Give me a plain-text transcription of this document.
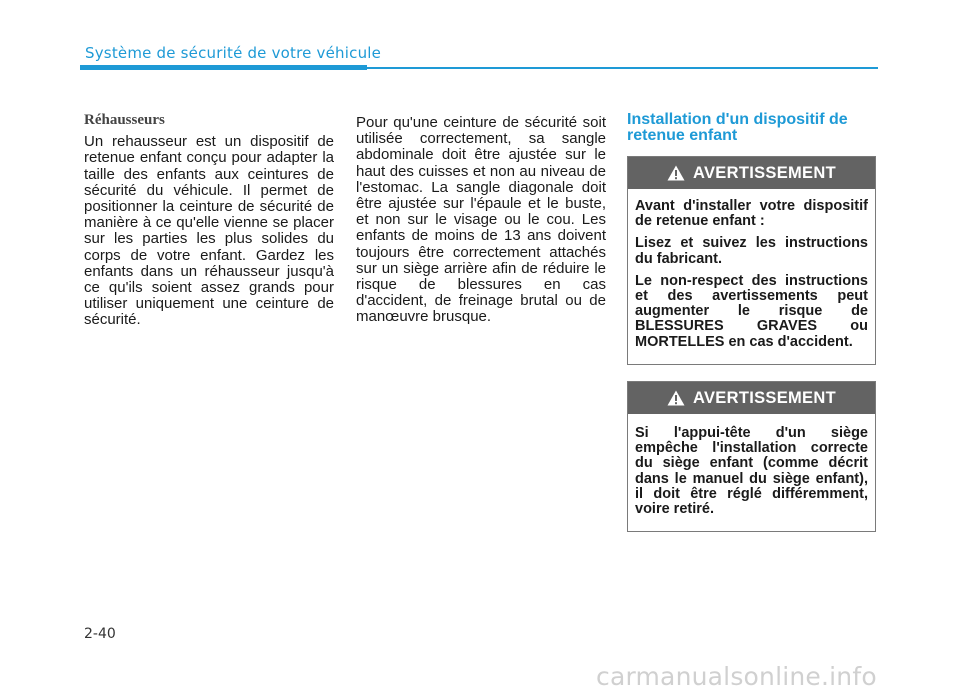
Système de sécurité de votre véhicule

Réhausseurs

Un rehausseur est un dispositif de retenue enfant conçu pour adapter la taille des enfants aux ceintures de sécurité du véhicule. Il permet de positionner la ceinture de sécurité de manière à ce qu'elle vienne se placer sur les parties les plus solides du corps de votre enfant. Gardez les enfants dans un réhausseur jusqu'à ce qu'ils soient assez grands pour utiliser uniquement une ceinture de sécurité.

Pour qu'une ceinture de sécurité soit utilisée correctement, sa sangle abdominale doit être ajustée sur le haut des cuisses et non au niveau de l'estomac. La sangle diagonale doit être ajustée sur l'épaule et le buste, et non sur le visage ou le cou. Les enfants de moins de 13 ans doivent toujours être correctement attachés sur un siège arrière afin de réduire le risque de blessures en cas d'accident, de freinage brutal ou de manœuvre brusque.

Installation d'un dispositif de retenue enfant
AVERTISSEMENT

Avant d'installer votre dispositif de retenue enfant :

Lisez et suivez les instructions du fabricant.

Le non-respect des instructions et des avertissements peut augmenter le risque de BLESSURES GRAVES ou MORTELLES en cas d'accident.

AVERTISSEMENT

Si l'appui-tête d'un siège empêche l'installation correcte du siège enfant (comme décrit dans le manuel du siège enfant), il doit être réglé différemment, voire retiré.

2-40
carmanualsonline.info
